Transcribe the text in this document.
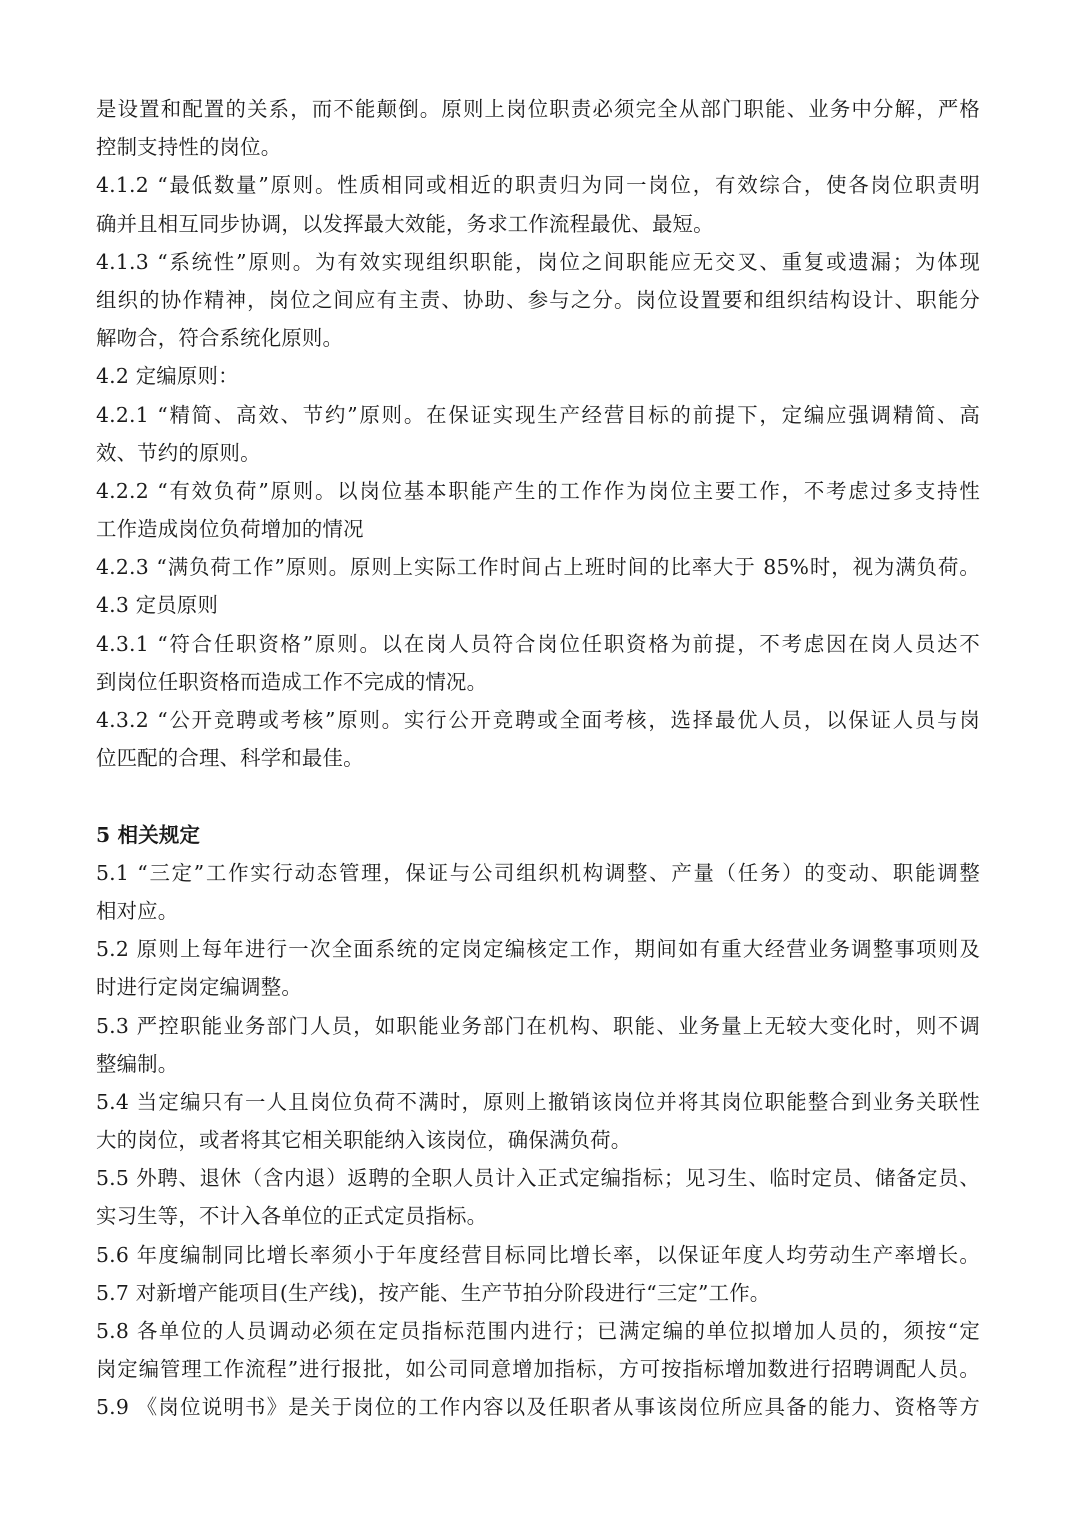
是设置和配置的关系，而不能颠倒。原则上岗位职责必须完全从部门职能、业务中分解，严格
控制支持性的岗位。
4.1.2 “最低数量”原则。性质相同或相近的职责归为同一岗位，有效综合，使各岗位职责明
确并且相互同步协调，以发挥最大效能，务求工作流程最优、最短。
4.1.3 “系统性”原则。为有效实现组织职能，岗位之间职能应无交叉、重复或遗漏；为体现
组织的协作精神，岗位之间应有主责、协助、参与之分。岗位设置要和组织结构设计、职能分
解吻合，符合系统化原则。
4.2 定编原则：
4.2.1 “精简、高效、节约”原则。在保证实现生产经营目标的前提下，定编应强调精简、高
效、节约的原则。
4.2.2 “有效负荷”原则。以岗位基本职能产生的工作作为岗位主要工作，不考虑过多支持性
工作造成岗位负荷增加的情况
4.2.3 “满负荷工作”原则。原则上实际工作时间占上班时间的比率大于 85%时，视为满负荷。
4.3 定员原则
4.3.1 “符合任职资格”原则。以在岗人员符合岗位任职资格为前提，不考虑因在岗人员达不
到岗位任职资格而造成工作不完成的情况。
4.3.2 “公开竞聘或考核”原则。实行公开竞聘或全面考核，选择最优人员，以保证人员与岗
位匹配的合理、科学和最佳。
5 相关规定
5.1 “三定”工作实行动态管理，保证与公司组织机构调整、产量（任务）的变动、职能调整
相对应。
5.2 原则上每年进行一次全面系统的定岗定编核定工作，期间如有重大经营业务调整事项则及
时进行定岗定编调整。
5.3 严控职能业务部门人员，如职能业务部门在机构、职能、业务量上无较大变化时，则不调
整编制。
5.4 当定编只有一人且岗位负荷不满时，原则上撤销该岗位并将其岗位职能整合到业务关联性
大的岗位，或者将其它相关职能纳入该岗位，确保满负荷。
5.5 外聘、退休（含内退）返聘的全职人员计入正式定编指标；见习生、临时定员、储备定员、
实习生等，不计入各单位的正式定员指标。
5.6 年度编制同比增长率须小于年度经营目标同比增长率，以保证年度人均劳动生产率增长。
5.7 对新增产能项目(生产线)，按产能、生产节拍分阶段进行“三定”工作。
5.8 各单位的人员调动必须在定员指标范围内进行；已满定编的单位拟增加人员的，须按“定
岗定编管理工作流程”进行报批，如公司同意增加指标，方可按指标增加数进行招聘调配人员。
5.9 《岗位说明书》是关于岗位的工作内容以及任职者从事该岗位所应具备的能力、资格等方
